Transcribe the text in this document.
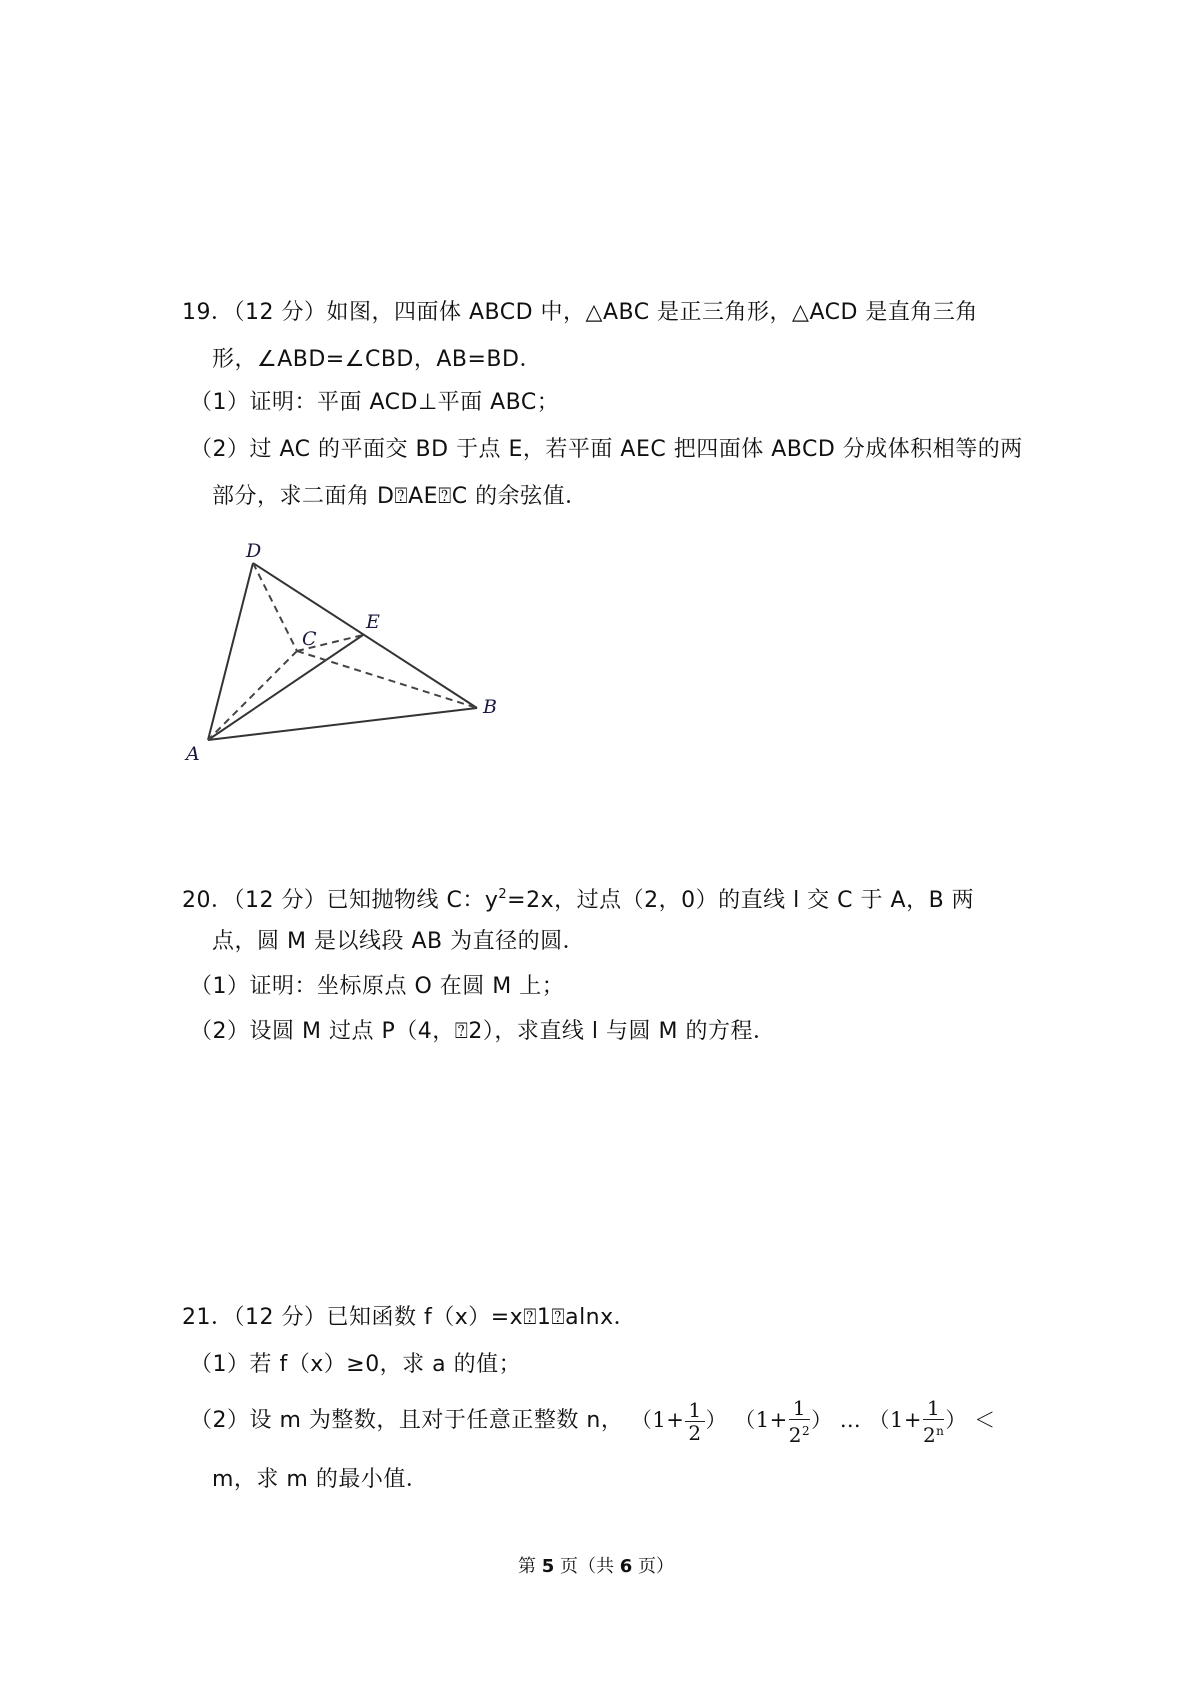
19．（12 分）如图，四面体 ABCD 中，△ABC 是正三角形，△ACD 是直角三角
形，∠ABD=∠CBD，AB=BD．
（1）证明：平面 ACD⊥平面 ABC；
（2）过 AC 的平面交 BD 于点 E，若平面 AEC 把四面体 ABCD 分成体积相等的两
部分，求二面角 D⍰AE⍰C 的余弦值．
D
E
C
B
A
20．（12 分）已知抛物线 C：$y^2=2x$，过点（2，0）的直线 l 交 C 于 A，B 两
点，圆 M 是以线段 AB 为直径的圆．
（1）证明：坐标原点 O 在圆 M 上；
（2）设圆 M 过点 P（4，⍰2），求直线 l 与圆 M 的方程．
21．（12 分）已知函数 f（x）=x⍰1⍰alnx．
（1）若 f（x）≥0，求 a 的值；
（2）设 m 为整数，且对于任意正整数 n， （$1+ \frac{1}{2}$ ） （$1+ \frac{1}{2^2}$ ） … （$1+ \frac{1}{2^n}$ ） ＜
m，求 m 的最小值．
第 5 页（共 6 页）
